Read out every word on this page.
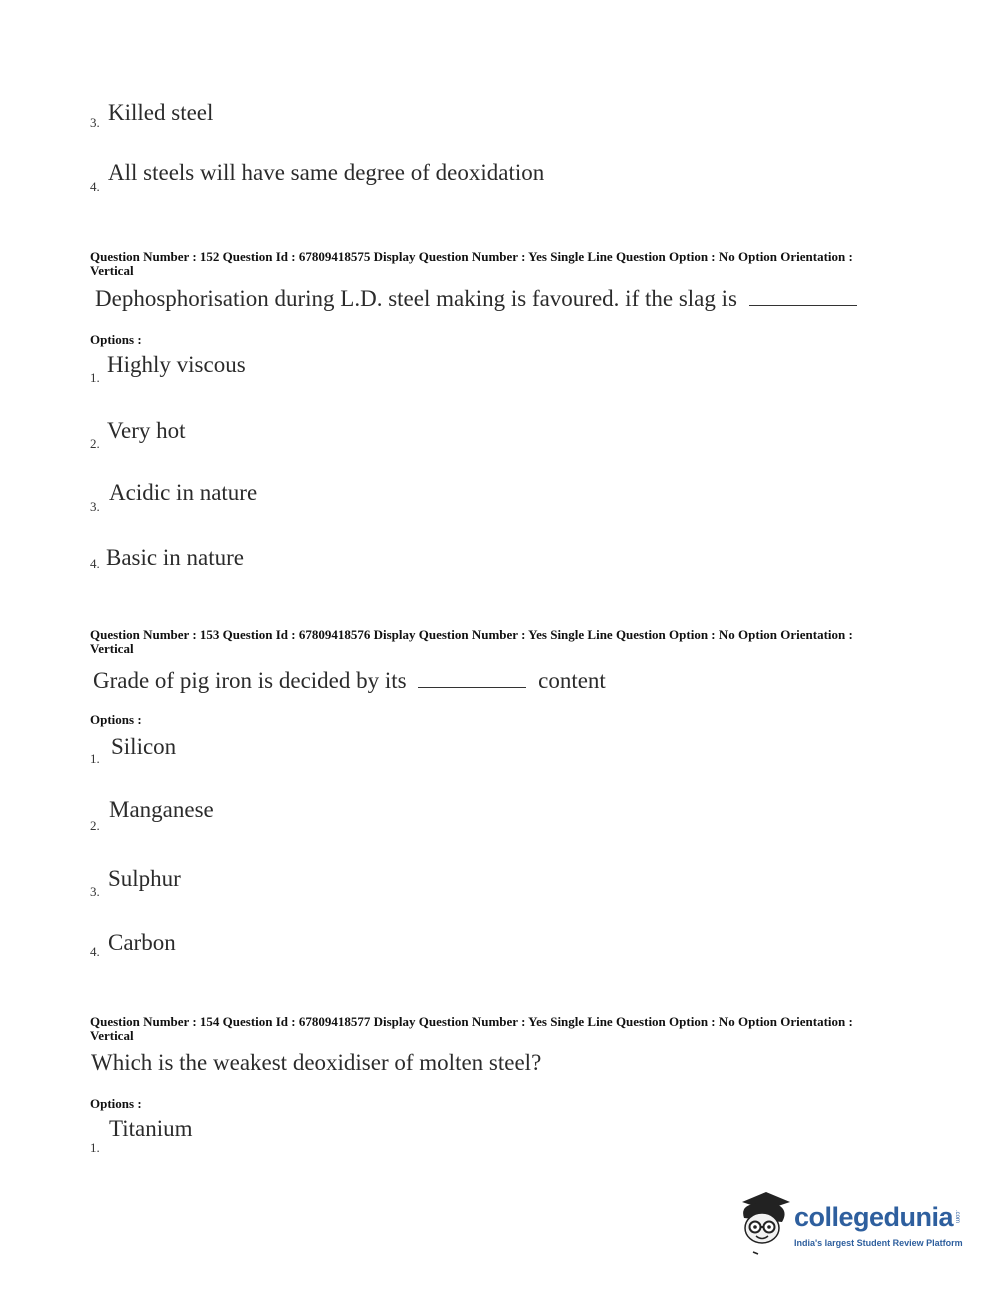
3. Killed steel
4.
All steels will have same degree of deoxidation
Question Number : 152 Question Id : 67809418575 Display Question Number : Yes Single Line Question Option : No Option Orientation : Vertical
Dephosphorisation during L.D. steel making is favoured. if the slag is
Options :
1.
Highly viscous
2.
Very hot
3.
Acidic in nature
4. Basic in nature
Question Number : 153 Question Id : 67809418576 Display Question Number : Yes Single Line Question Option : No Option Orientation : Vertical
Grade of pig iron is decided by its	content
Options :
1. Silicon
2.
Manganese
3.
Sulphur
4. Carbon
Question Number : 154 Question Id : 67809418577 Display Question Number : Yes Single Line Question Option : No Option Orientation : Vertical
Which is the weakest deoxidiser of molten steel?
Options :
1.
Titanium
collegedunia .com
India's largest Student Review Platform
